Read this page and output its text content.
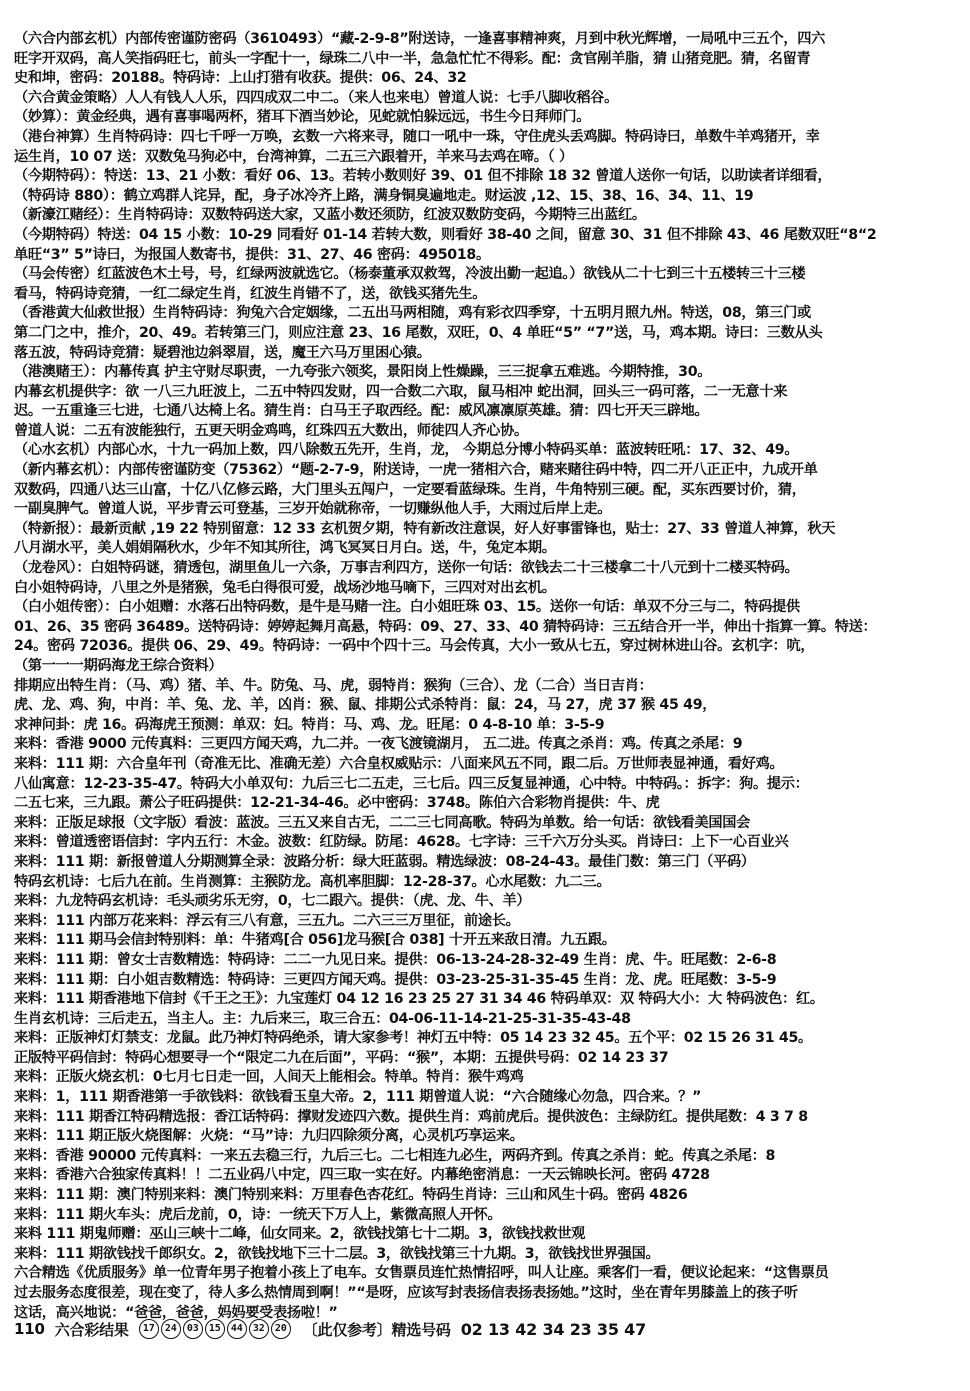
（六合内部玄机）内部传密谨防密码（3610493）“藏-2-9-8”附送诗，一逢喜事精神爽，月到中秋光辉增，一局吼中三五个，四六
旺字开双码，高人笑指码旺七，前头一字配十一，绿珠二八中一半，急急忙忙不得彩。配：贪官剐羊脂，猜 山猪竞肥。猜，名留青
史和坤，密码：20188。特码诗：上山打猎有收获。提供：06、24、32
（六合黄金策略）人人有钱人人乐，四四成双二中二。（来人也来电）曾道人说：七手八脚收稻谷。
（妙算）：黄金经典，遇有喜事喝两杯，猪耳下酒当妙论，见蛇就怕躲远远，书生今日拜师门。
（港台神算）生肖特码诗：四七千呼一万唤，玄数一六将来寻，随口一吼中一珠，守住虎头丢鸡脚。特码诗曰，单数牛羊鸡猪开，幸
运生肖，10 07 送：双数兔马狗必中，台湾神算，二五三六跟着开，羊来马去鸡在啼。（ ）
（今期特码）：特送：13、21 小数：看好 06、13。若转小数则好 39、01 但不排除 18 32 曾道人送你一句话，以助读者详细看，
（特码诗 880）：鹤立鸡群人诧异，配，身子冰冷齐上路，满身铜臭遍地走。财运波 ,12、15、38、16、34、11、19
（新濠江赌经）：生肖特码诗：双数特码送大家，又蓝小数还须防，红波双数防变码，今期特三出蓝红。
（今期特码）特送：04 15 小数：10-29 同看好 01-14 若转大数，则看好 38-40 之间，留意 30、31 但不排除 43、46 尾数双旺“8“2
单旺“3” 5”诗曰，为报国人数寄书，提供：31、27、46 密码：495018。
（马会传密）红蓝波色木土号，号，红绿两波就选它。（杨泰董承双救驾，冷波出勤一起追。）欲钱从二十七到三十五楼转三十三楼
看马，特码诗竞猜，一红二绿定生肖，红波生肖错不了，送，欲钱买猪先生。
（香港黄大仙救世报）生肖特码诗：狗兔六合定姻缘，二五出马两相随，鸡有彩衣四季穿，十五明月照九州。特送，08，第三门或
第二门之中，推介，20、49。若转第三门，则应注意 23、16 尾数，双旺，0、4 单旺“5” “7”送，马，鸡本期。诗曰：三数从头
落五波，特码诗竞猜：疑碧池边斜翠眉，送，魔王六马万里困心猿。
（港澳赌王）：内幕传真 护主守财尽职责，一九夸张六领奖，景阳岗上性燥躁，三三捉拿五难逃。今期特推，30。
内幕玄机提供字：欲 一八三九旺波上，二五中特四发财，四一合数二六取，鼠马相冲 蛇出洞，回头三一码可落，二一无意十来
迟。一五重逢三七进，七通八达椅上名。猜生肖：白马王子取西经。配：威风凛凛原英雄。猜：四七开天三辟地。
曾道人说：二五有波能独行，五更天明金鸡鸣，红珠四五大数出，师徒四人齐心协。
（心水玄机）内部心水，十九一码加上数，四八除数五先开，生肖，龙， 今期总分博小特码买单：蓝波转旺吼：17、32、49。
（新内幕玄机）：内部传密谨防变（75362）“题-2-7-9，附送诗，一虎一猪相六合，赌来赌往码中特，四二开八正正中，九成开单
双数码，四通八达三山富，十亿八亿修云路，大门里头五闯户，一定要看蓝绿珠。生肖，牛角特别三硬。配，买东西要讨价，猜，
一副臭脾气。曾道人说，平步青云可登基，三岁开始就称帝，一切赚纵他人手，大雨过后岸上走。
（特新报）：最新贡献 ,19 22 特别留意：12 33 玄机贺夕期，特有新改注意误，好人好事雷锋也，贴士：27、33 曾道人神算，秋天
八月湖水平，美人娟娟隔秋水，少年不知其所往，鸿飞冥冥日月白。送，牛，兔定本期。
（龙卷风）：白姐特码谜，猜透包，湖里鱼儿一六条，万事吉利四方，送你一句话：欲钱去二十三楼拿二十八元到十二楼买特码。
白小姐特码诗，八里之外是猪猴，兔毛白得很可爱，战场沙地马嘀下，三四对对出玄机。
（白小姐传密）：白小姐赠：水落石出特码数，是牛是马赌一注。白小姐旺珠 03、15。送你一句话：单双不分三与二，特码提供
01、26、35 密码 36489。送特码诗：婷婷起舞月高悬，特码：09、27、33、40 猜特码诗：三五结合开一半，伸出十指算一算。特送：
24。密码 72036。提供 06、29、49。特码诗：一码中个四十三。马会传真，大小一致从七五，穿过树林进山谷。玄机字：吭，
（第一一一期码海龙王综合资料）
排期应出特生肖：（马、鸡）猪、羊、牛。防兔、马、虎，弱特肖：猴狗（三合）、龙（二合）当日吉肖：
虎、龙、鸡、狗，中肖：羊、兔、龙、羊，凶肖：猴、鼠、排期公式杀特肖：鼠：24，马 27，虎 37 猴 45 49，
求神问卦：虎 16。码海虎王预测：单双：妇。特肖：马、鸡、龙。旺尾：0 4-8-10 单：3-5-9
来料：香港 9000 元传真料：三更四方闻天鸡，九二并。一夜飞渡镜湖月， 五二进。传真之杀肖：鸡。传真之杀尾：9
来料：111 期：六合皇年刊（奇准无比、准确无差）六合皇权威贴示：八面来风五不同，跟二后。万世师表显神通，看好鸡。
八仙寓意：12-23-35-47。特码大小单双句：九后三七二五走，三七后。四三反复显神通，心中特。中特码。：拆字：狗。提示：
二五七来，三九跟。萧公子旺码提供：12-21-34-46。必中密码：3748。陈伯六合彩物肖提供：牛、虎
来料：正版足球报（文字版）看波：蓝波。三五又来自古无，二二三七同高歌。特码为单数。给一句话：欲钱看美国国会
来料：曾道透密语信封：字内五行：木金。波数：红防绿。防尾：4628。七字诗：三千六万分头买。肖诗曰：上下一心百业兴
来料：111 期：新报曾道人分期测算全录：波路分析：绿大旺蓝弱。精选绿波：08-24-43。最佳门数：第三门（平码）
特码玄机诗：七后九在前。生肖测算：主猴防龙。高机率胆脚：12-28-37。心水尾数：九二三。
来料：九龙特码玄机诗：毛头顽劣乐无穷，0，七二跟六。提供：（虎、龙、牛、羊）
来料：111 内部万花来料：浮云有三八有意，三五九。二六三三万里征，前途长。
来料：111 期马会信封特别料：单：牛猪鸡[合 056]龙马猴[合 038] 十开五来敌日清。九五跟。
来料：111 期：曾女士吉数精选：特码诗：二二一九见日来。提供：06-13-24-28-32-49 生肖：虎、牛。旺尾数：2-6-8
来料：111 期：白小姐吉数精选：特码诗：三更四方闻天鸡。提供：03-23-25-31-35-45 生肖：龙、虎。旺尾数：3-5-9
来料：111 期香港地下信封《千王之王》：九宝莲灯 04 12 16 23 25 27 31 34 46 特码单双：双 特码大小：大 特码波色：红。
生肖玄机诗：三后走五，当主人。主：九后来三，取三合五：04-06-11-14-21-25-31-35-43-48
来料：正版神灯灯禁支：龙鼠。此乃神灯特码绝杀，请大家参考！神灯五中特：05 14 23 32 45。五个平：02 15 26 31 45。
正版特平码信封：特码心想要寻一个“限定二九在后面”，平码：“猴”，本期：五提供号码：02 14 23 37
来料：正版火烧玄机：0七月七日走一回，人间天上能相会。特单。特肖：猴牛鸡鸡
来料：1，111 期香港第一手欲钱料：欲钱看玉皇大帝。2，111 期曾道人说：“六合随缘心勿急，四合来。？”
来料：111 期香江特码精选报：香江话特码：撑财发迹四六数。提供生肖：鸡前虎后。提供波色：主绿防红。提供尾数：4 3 7 8
来料：111 期正版火烧图解：火烧：“马”诗：九归四除须分离，心灵机巧享运来。
来料：香港 90000 元传真料：一来五去稳三行，九后三七。二七相连九必生，两码齐到。传真之杀肖：蛇。传真之杀尾：8
来料：香港六合独家传真料！！二五业码八中定，四三取一实在好。内幕绝密消息：一天云锦映长河。密码 4728
来料：111 期：澳门特别来料：澳门特别来料：万里春色杏花红。特码生肖诗：三山和风生十码。密码 4826
来料：111 期火车头：虎后龙前，0，诗：一统天下万人上，紫微高照人开怀。
来料 111 期鬼师赠：巫山三峡十二峰，仙女同来。2，欲钱找第七十二期。3，欲钱找救世观
来料：111 期欲钱找千郎织女。2，欲钱找地下三十二层。3，欲钱找第三十九期。3，欲钱找世界强国。
六合精选《优质服务》单一位青年男子抱着小孩上了电车。女售票员连忙热情招呼，叫人让座。乘客们一看，便议论起来：“这售票员
过去服务态度很差，现在变了，待人多么热情周到啊！”“是呀，应该写封表扬信表扬表扬她。”这时，坐在青年男膝盖上的孩子听
这话，高兴地说：“爸爸，爸爸，妈妈要受表扬啦！”
110 六合彩结果	17	24	03	15	44	32	20 〔此仅参考〕精选号码 02 13 42 34 23 35 47
